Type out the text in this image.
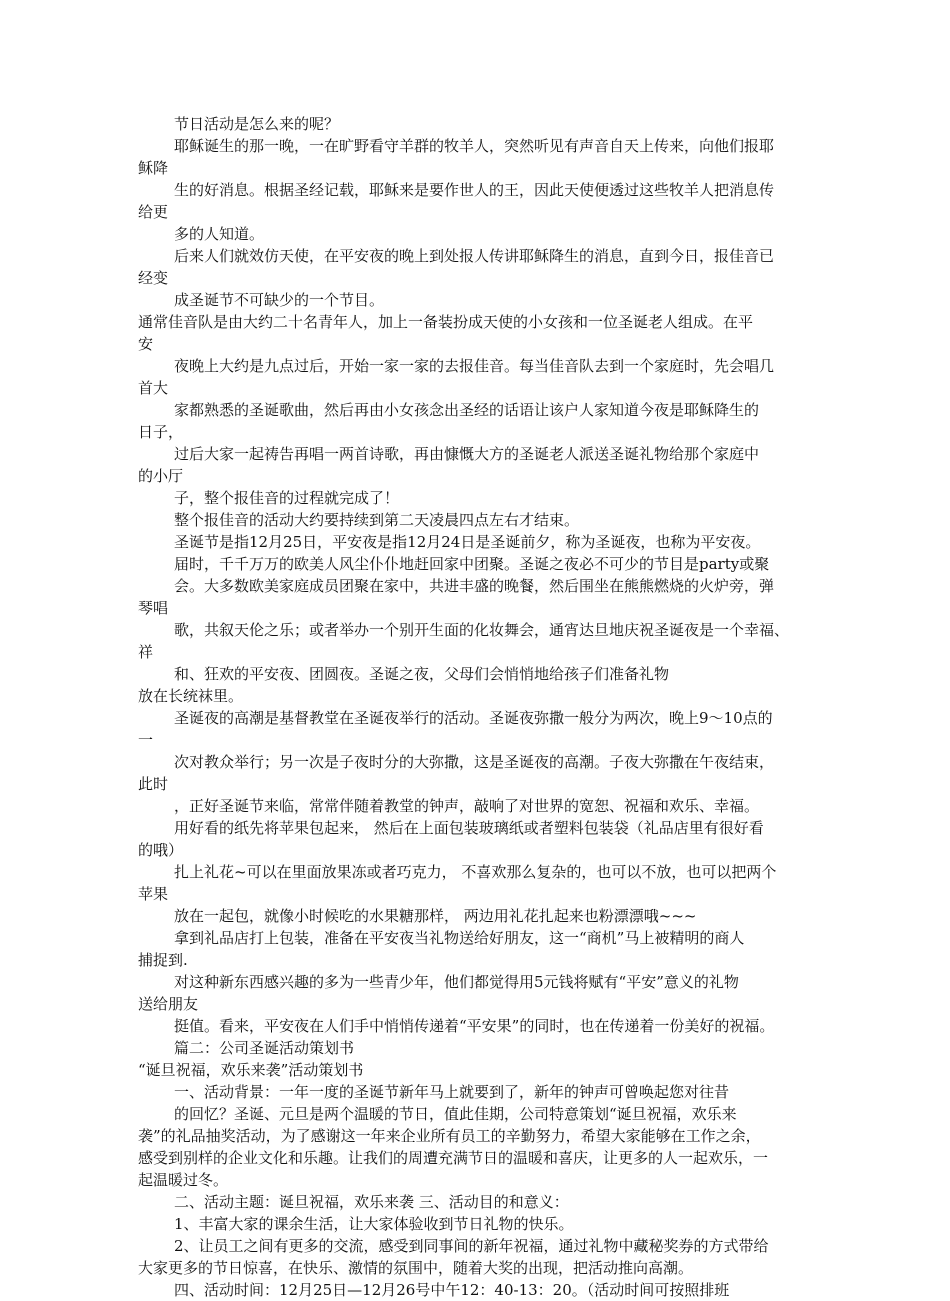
节日活动是怎么来的呢？
耶稣诞生的那一晚，一在旷野看守羊群的牧羊人，突然听见有声音自天上传来，向他们报耶
稣降
生的好消息。根据圣经记载，耶稣来是要作世人的王，因此天使便透过这些牧羊人把消息传
给更
多的人知道。
后来人们就效仿天使，在平安夜的晚上到处报人传讲耶稣降生的消息，直到今日，报佳音已
经变
成圣诞节不可缺少的一个节目。
通常佳音队是由大约二十名青年人，加上一备装扮成天使的小女孩和一位圣诞老人组成。在平
安
夜晚上大约是九点过后，开始一家一家的去报佳音。每当佳音队去到一个家庭时，先会唱几
首大
家都熟悉的圣诞歌曲，然后再由小女孩念出圣经的话语让该户人家知道今夜是耶稣降生的
日子，
过后大家一起祷告再唱一两首诗歌，再由慷慨大方的圣诞老人派送圣诞礼物给那个家庭中
的小厅
子，整个报佳音的过程就完成了！
整个报佳音的活动大约要持续到第二天凌晨四点左右才结束。
圣诞节是指12月25日，平安夜是指12月24日是圣诞前夕，称为圣诞夜，也称为平安夜。
届时，千千万万的欧美人风尘仆仆地赶回家中团聚。圣诞之夜必不可少的节目是party或聚
会。大多数欧美家庭成员团聚在家中，共进丰盛的晚餐，然后围坐在熊熊燃烧的火炉旁，弹
琴唱
歌，共叙天伦之乐；或者举办一个别开生面的化妆舞会，通宵达旦地庆祝圣诞夜是一个幸福、
祥
和、狂欢的平安夜、团圆夜。圣诞之夜，父母们会悄悄地给孩子们准备礼物
放在长统袜里。
圣诞夜的高潮是基督教堂在圣诞夜举行的活动。圣诞夜弥撒一般分为两次，晚上9～10点的
一
次对教众举行；另一次是子夜时分的大弥撒，这是圣诞夜的高潮。子夜大弥撒在午夜结束，
此时
，正好圣诞节来临，常常伴随着教堂的钟声，敲响了对世界的宽恕、祝福和欢乐、幸福。
用好看的纸先将苹果包起来， 然后在上面包装玻璃纸或者塑料包装袋（礼品店里有很好看
的哦）
扎上礼花~可以在里面放果冻或者巧克力， 不喜欢那么复杂的，也可以不放，也可以把两个
苹果
放在一起包，就像小时候吃的水果糖那样， 两边用礼花扎起来也粉漂漂哦~~~
拿到礼品店打上包装，准备在平安夜当礼物送给好朋友，这一“商机”马上被精明的商人
捕捉到.
对这种新东西感兴趣的多为一些青少年，他们都觉得用5元钱将赋有“平安”意义的礼物
送给朋友
挺值。看来，平安夜在人们手中悄悄传递着“平安果”的同时，也在传递着一份美好的祝福。
篇二：公司圣诞活动策划书
“诞旦祝福，欢乐来袭”活动策划书
一、活动背景：一年一度的圣诞节新年马上就要到了，新年的钟声可曾唤起您对往昔
的回忆？圣诞、元旦是两个温暖的节日，值此佳期，公司特意策划“诞旦祝福，欢乐来
袭”的礼品抽奖活动，为了感谢这一年来企业所有员工的辛勤努力，希望大家能够在工作之余，
感受到别样的企业文化和乐趣。让我们的周遭充满节日的温暖和喜庆，让更多的人一起欢乐，一
起温暖过冬。
二、活动主题：诞旦祝福，欢乐来袭 三、活动目的和意义：
1、丰富大家的课余生活，让大家体验收到节日礼物的快乐。
2、让员工之间有更多的交流，感受到同事间的新年祝福，通过礼物中藏秘奖券的方式带给
大家更多的节日惊喜，在快乐、激情的氛围中，随着大奖的出现，把活动推向高潮。
四、活动时间：12月25日—12月26号中午12：40-13：20。（活动时间可按照排班
